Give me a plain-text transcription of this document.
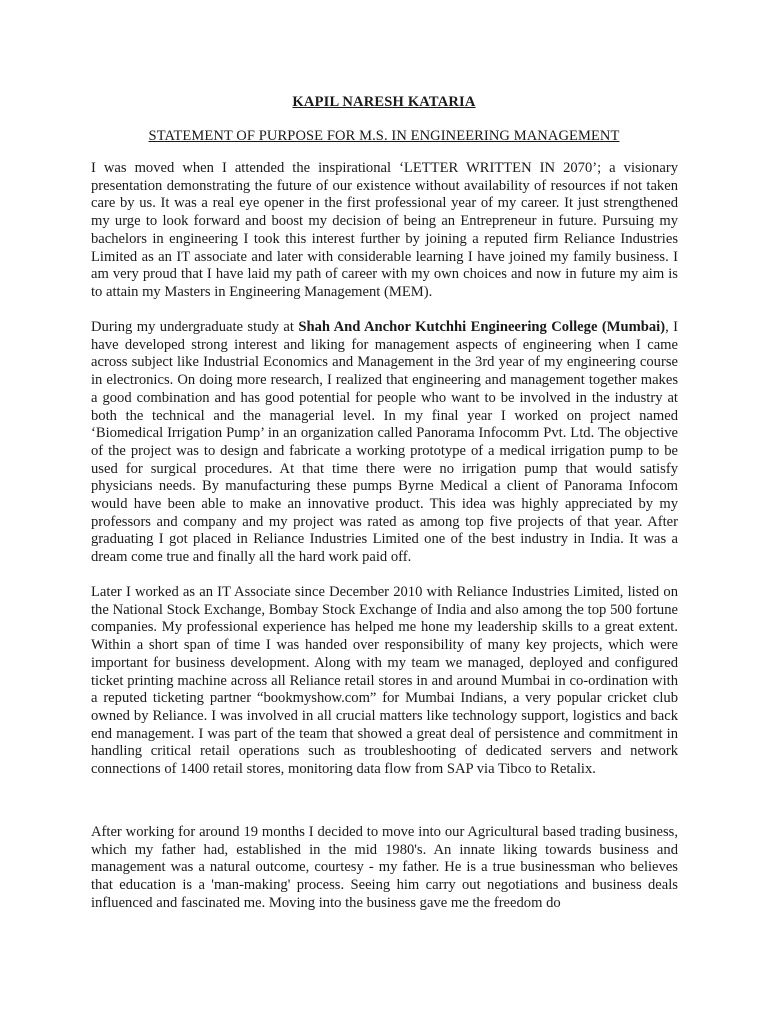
KAPIL NARESH KATARIA
STATEMENT OF PURPOSE FOR M.S. IN ENGINEERING MANAGEMENT

I was moved when I attended the inspirational ‘LETTER WRITTEN IN 2070’; a visionary presentation demonstrating the future of our existence without availability of resources if not taken care by us. It was a real eye opener in the first professional year of my career. It just strengthened my urge to look forward and boost my decision of being an Entrepreneur in future. Pursuing my bachelors in engineering I took this interest further by joining a reputed firm Reliance Industries Limited as an IT associate and later with considerable learning I have joined my family business. I am very proud that I have laid my path of career with my own choices and now in future my aim is to attain my Masters in Engineering Management (MEM).

During my undergraduate study at Shah And Anchor Kutchhi Engineering College (Mumbai), I have developed strong interest and liking for management aspects of engineering when I came across subject like Industrial Economics and Management in the 3rd year of my engineering course in electronics. On doing more research, I realized that engineering and management together makes a good combination and has good potential for people who want to be involved in the industry at both the technical and the managerial level. In my final year I worked on project named ‘Biomedical Irrigation Pump’ in an organization called Panorama Infocomm Pvt. Ltd. The objective of the project was to design and fabricate a working prototype of a medical irrigation pump to be used for surgical procedures. At that time there were no irrigation pump that would satisfy physicians needs. By manufacturing these pumps Byrne Medical a client of Panorama Infocom would have been able to make an innovative product. This idea was highly appreciated by my professors and company and my project was rated as among top five projects of that year. After graduating I got placed in Reliance Industries Limited one of the best industry in India. It was a dream come true and finally all the hard work paid off.

Later I worked as an IT Associate since December 2010 with Reliance Industries Limited, listed on the National Stock Exchange, Bombay Stock Exchange of India and also among the top 500 fortune companies. My professional experience has helped me hone my leadership skills to a great extent. Within a short span of time I was handed over responsibility of many key projects, which were important for business development. Along with my team we managed, deployed and configured ticket printing machine across all Reliance retail stores in and around Mumbai in co-ordination with a reputed ticketing partner “bookmyshow.com” for Mumbai Indians, a very popular cricket club owned by Reliance. I was involved in all crucial matters like technology support, logistics and back end management. I was part of the team that showed a great deal of persistence and commitment in handling critical retail operations such as troubleshooting of dedicated servers and network connections of 1400 retail stores, monitoring data flow from SAP via Tibco to Retalix.

After working for around 19 months I decided to move into our Agricultural based trading business, which my father had, established in the mid 1980's. An innate liking towards business and management was a natural outcome, courtesy - my father. He is a true businessman who believes that education is a 'man-making' process. Seeing him carry out negotiations and business deals influenced and fascinated me. Moving into the business gave me the freedom do
